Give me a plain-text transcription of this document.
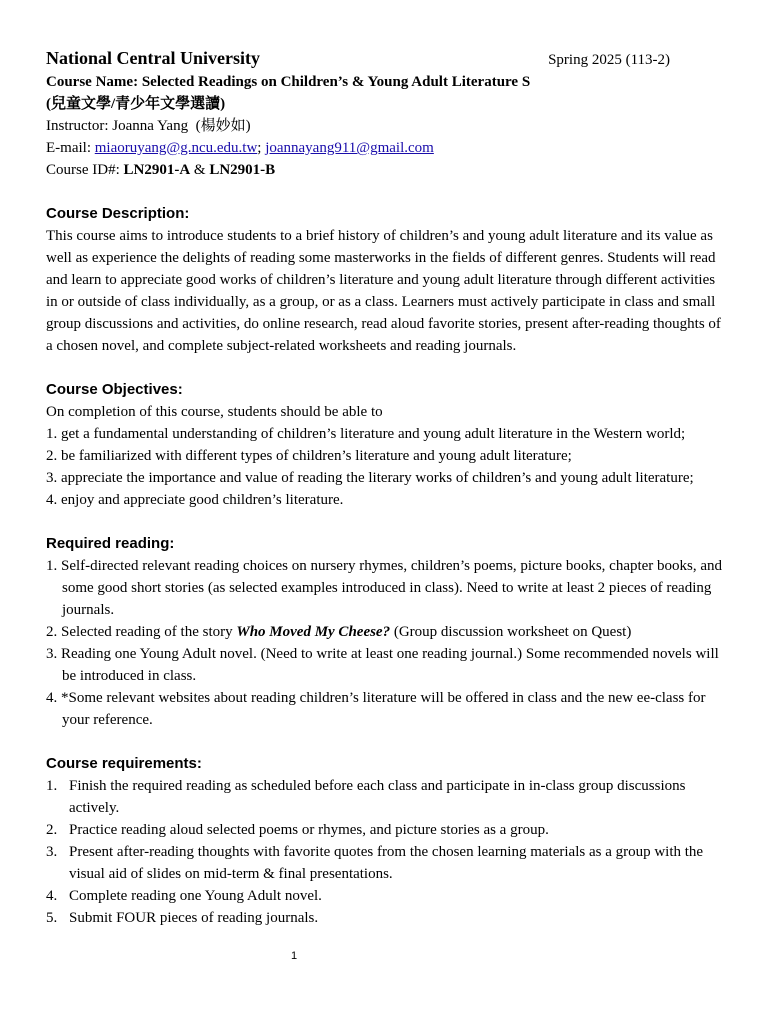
National Central University	Spring 2025 (113-2)
Course Name: Selected Readings on Children’s & Young Adult Literature S
(兒童文學/青少年文學選讀)
Instructor: Joanna Yang (楊妙如)
E-mail: miaoruyang@g.ncu.edu.tw; joannayang911@gmail.com
Course ID#: LN2901-A & LN2901-B
Course Description:

This course aims to introduce students to a brief history of children’s and young adult literature and its value as well as experience the delights of reading some masterworks in the fields of different genres. Students will read and learn to appreciate good works of children’s literature and young adult literature through different activities in or outside of class individually, as a group, or as a class. Learners must actively participate in class and small group discussions and activities, do online research, read aloud favorite stories, present after-reading thoughts of a chosen novel, and complete subject-related worksheets and reading journals.

Course Objectives:
On completion of this course, students should be able to
1. get a fundamental understanding of children’s literature and young adult literature in the Western world;
2. be familiarized with different types of children’s literature and young adult literature;
3. appreciate the importance and value of reading the literary works of children’s and young adult literature;
4. enjoy and appreciate good children’s literature.
Required reading:
1. Self-directed relevant reading choices on nursery rhymes, children’s poems, picture books, chapter books, and some good short stories (as selected examples introduced in class). Need to write at least 2 pieces of reading journals.
2. Selected reading of the story Who Moved My Cheese? (Group discussion worksheet on Quest)
3. Reading one Young Adult novel. (Need to write at least one reading journal.) Some recommended novels will be introduced in class.
4. *Some relevant websites about reading children’s literature will be offered in class and the new ee-class for your reference.
Course requirements:
1. Finish the required reading as scheduled before each class and participate in in-class group discussions actively.
2. Practice reading aloud selected poems or rhymes, and picture stories as a group.
3. Present after-reading thoughts with favorite quotes from the chosen learning materials as a group with the visual aid of slides on mid-term & final presentations.
4. Complete reading one Young Adult novel.
5. Submit FOUR pieces of reading journals.
1
